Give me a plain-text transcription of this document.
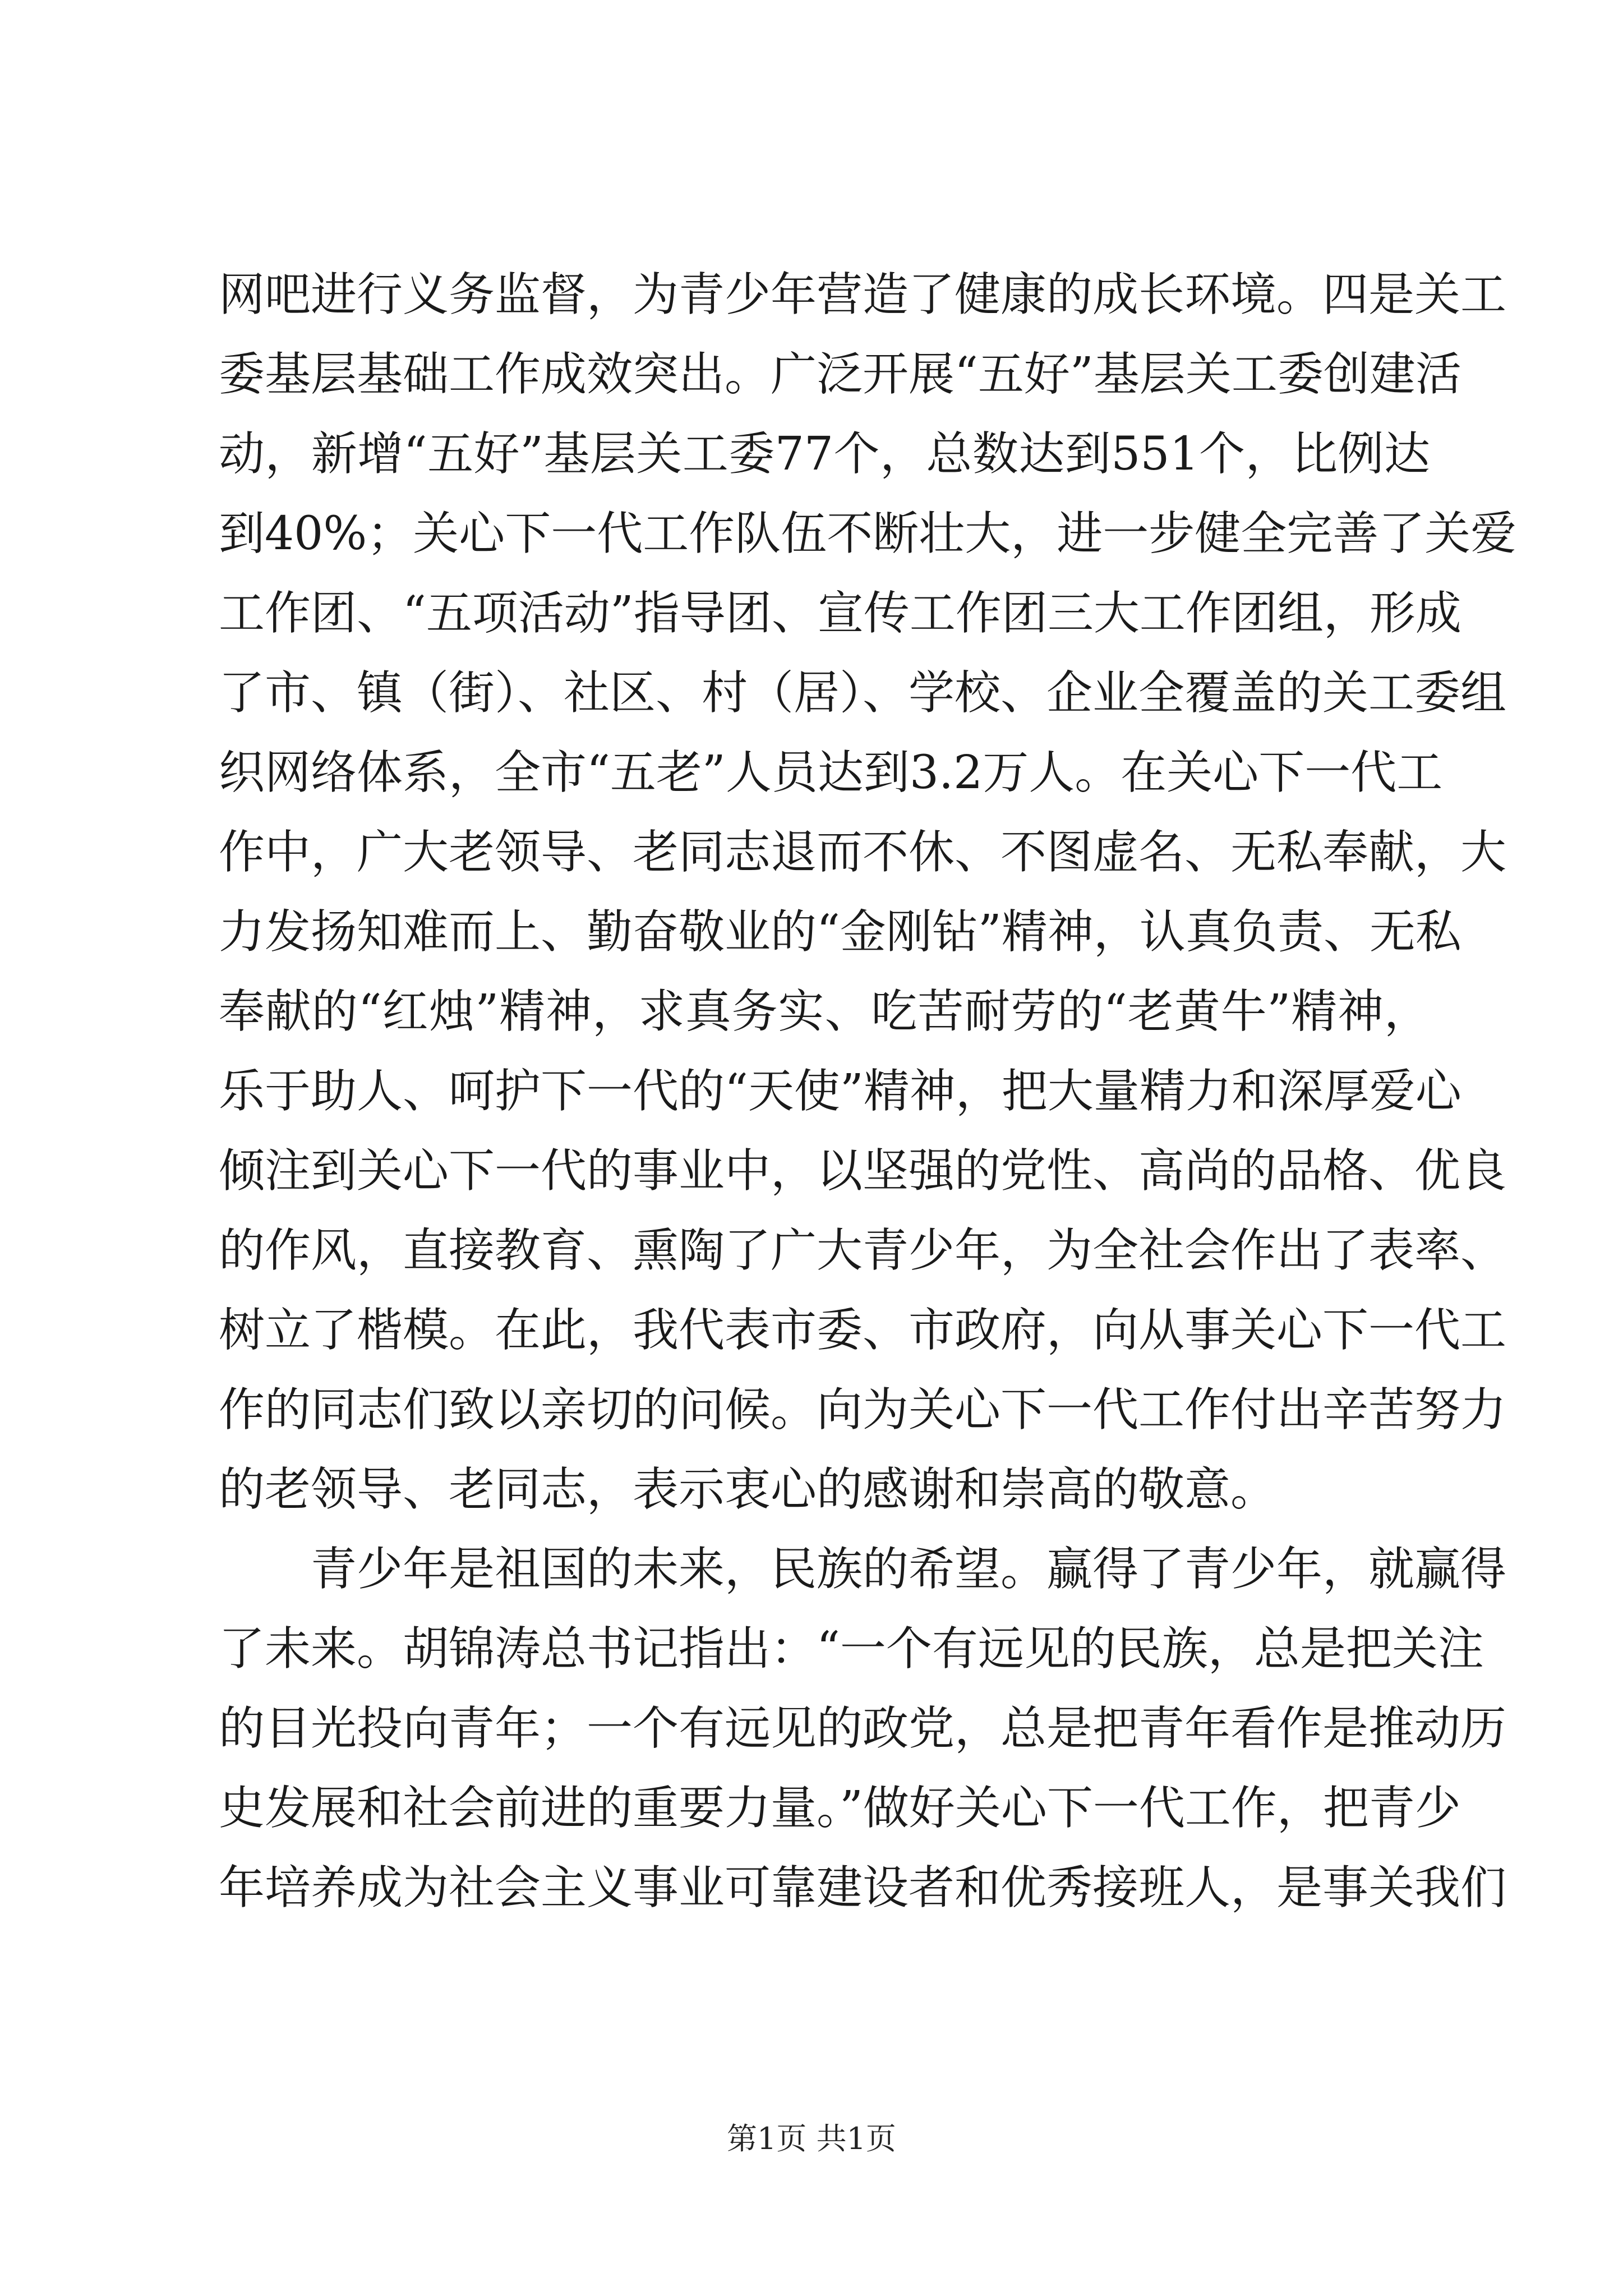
网吧进行义务监督，为青少年营造了健康的成长环境。四是关工
委基层基础工作成效突出。广泛开展“五好”基层关工委创建活
动，新增“五好”基层关工委77个，总数达到551个，比例达
到40%；关心下一代工作队伍不断壮大，进一步健全完善了关爱
工作团、“五项活动”指导团、宣传工作团三大工作团组，形成
了市、镇（街）、社区、村（居）、学校、企业全覆盖的关工委组
织网络体系，全市“五老”人员达到3.2万人。在关心下一代工
作中，广大老领导、老同志退而不休、不图虚名、无私奉献，大
力发扬知难而上、勤奋敬业的“金刚钻”精神，认真负责、无私
奉献的“红烛”精神，求真务实、吃苦耐劳的“老黄牛”精神，
乐于助人、呵护下一代的“天使”精神，把大量精力和深厚爱心
倾注到关心下一代的事业中，以坚强的党性、高尚的品格、优良
的作风，直接教育、熏陶了广大青少年，为全社会作出了表率、
树立了楷模。在此，我代表市委、市政府，向从事关心下一代工
作的同志们致以亲切的问候。向为关心下一代工作付出辛苦努力
的老领导、老同志，表示衷心的感谢和崇高的敬意。
青少年是祖国的未来，民族的希望。赢得了青少年，就赢得
了未来。胡锦涛总书记指出：“一个有远见的民族，总是把关注
的目光投向青年；一个有远见的政党，总是把青年看作是推动历
史发展和社会前进的重要力量。”做好关心下一代工作，把青少
年培养成为社会主义事业可靠建设者和优秀接班人，是事关我们
第1页 共1页
